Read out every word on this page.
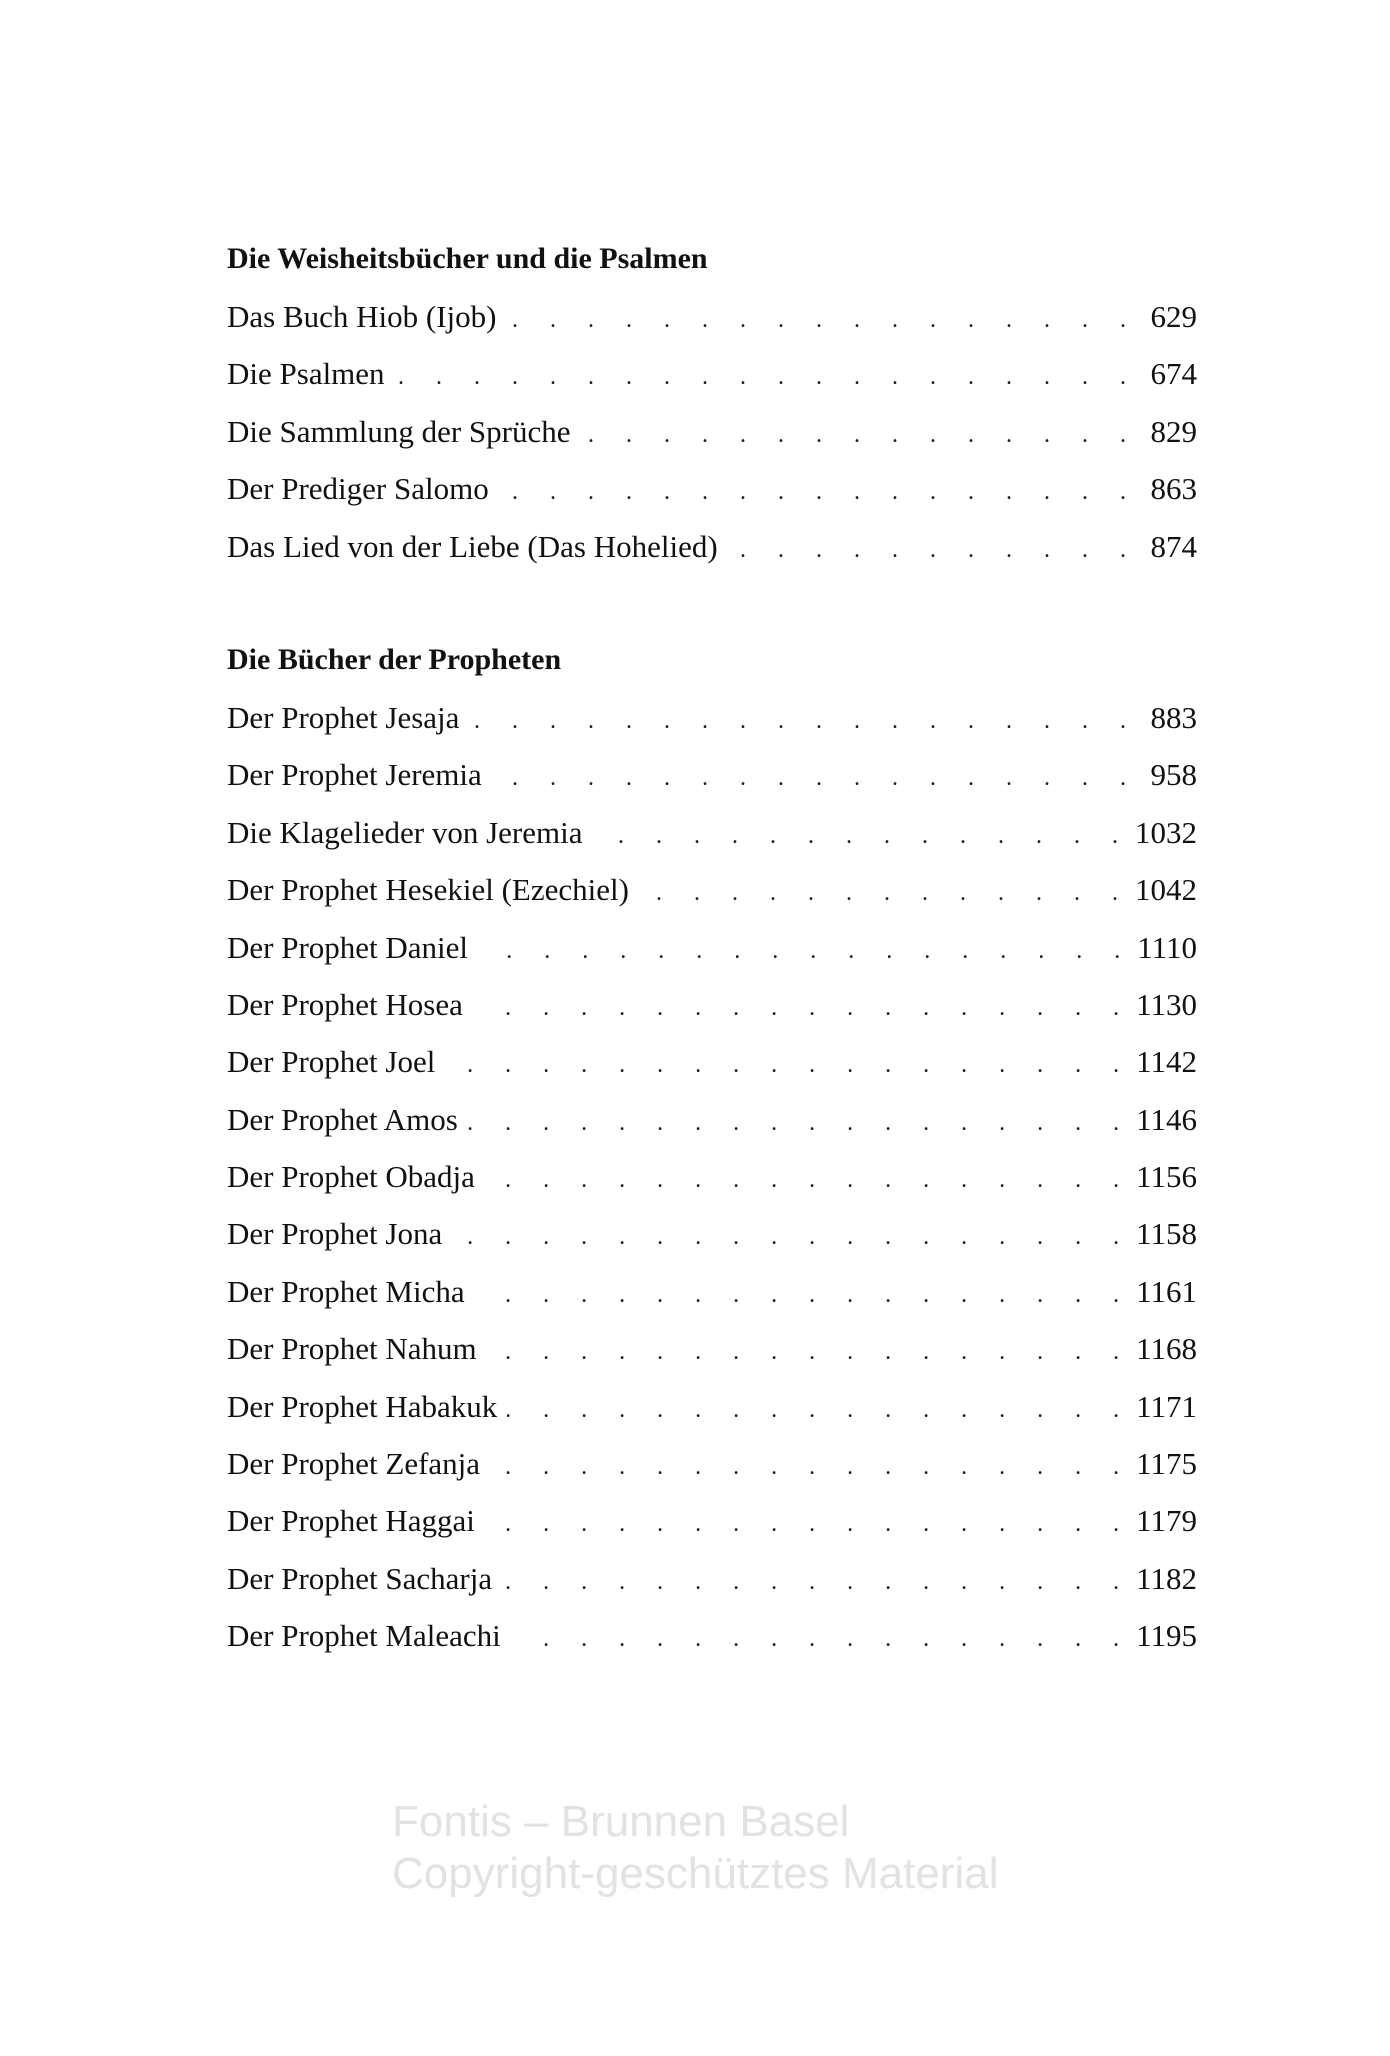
Die Weisheitsbücher und die Psalmen
Das Buch Hiob (Ijob) . . .	629
Die Psalmen . . .	674
Die Sammlung der Sprüche . . .	829
Der Prediger Salomo . . .	863
Das Lied von der Liebe (Das Hohelied) . . .	874
Die Bücher der Propheten
Der Prophet Jesaja . . .	883
Der Prophet Jeremia . . .	958
Die Klagelieder von Jeremia . . .	1032
Der Prophet Hesekiel (Ezechiel) . . .	1042
Der Prophet Daniel . . .	1110
Der Prophet Hosea . . .	1130
Der Prophet Joel . . .	1142
Der Prophet Amos . . .	1146
Der Prophet Obadja . . .	1156
Der Prophet Jona . . .	1158
Der Prophet Micha . . .	1161
Der Prophet Nahum . . .	1168
Der Prophet Habakuk . . .	1171
Der Prophet Zefanja . . .	1175
Der Prophet Haggai . . .	1179
Der Prophet Sacharja . . .	1182
Der Prophet Maleachi . . .	1195
Fontis – Brunnen Basel
Copyright-geschütztes Material
